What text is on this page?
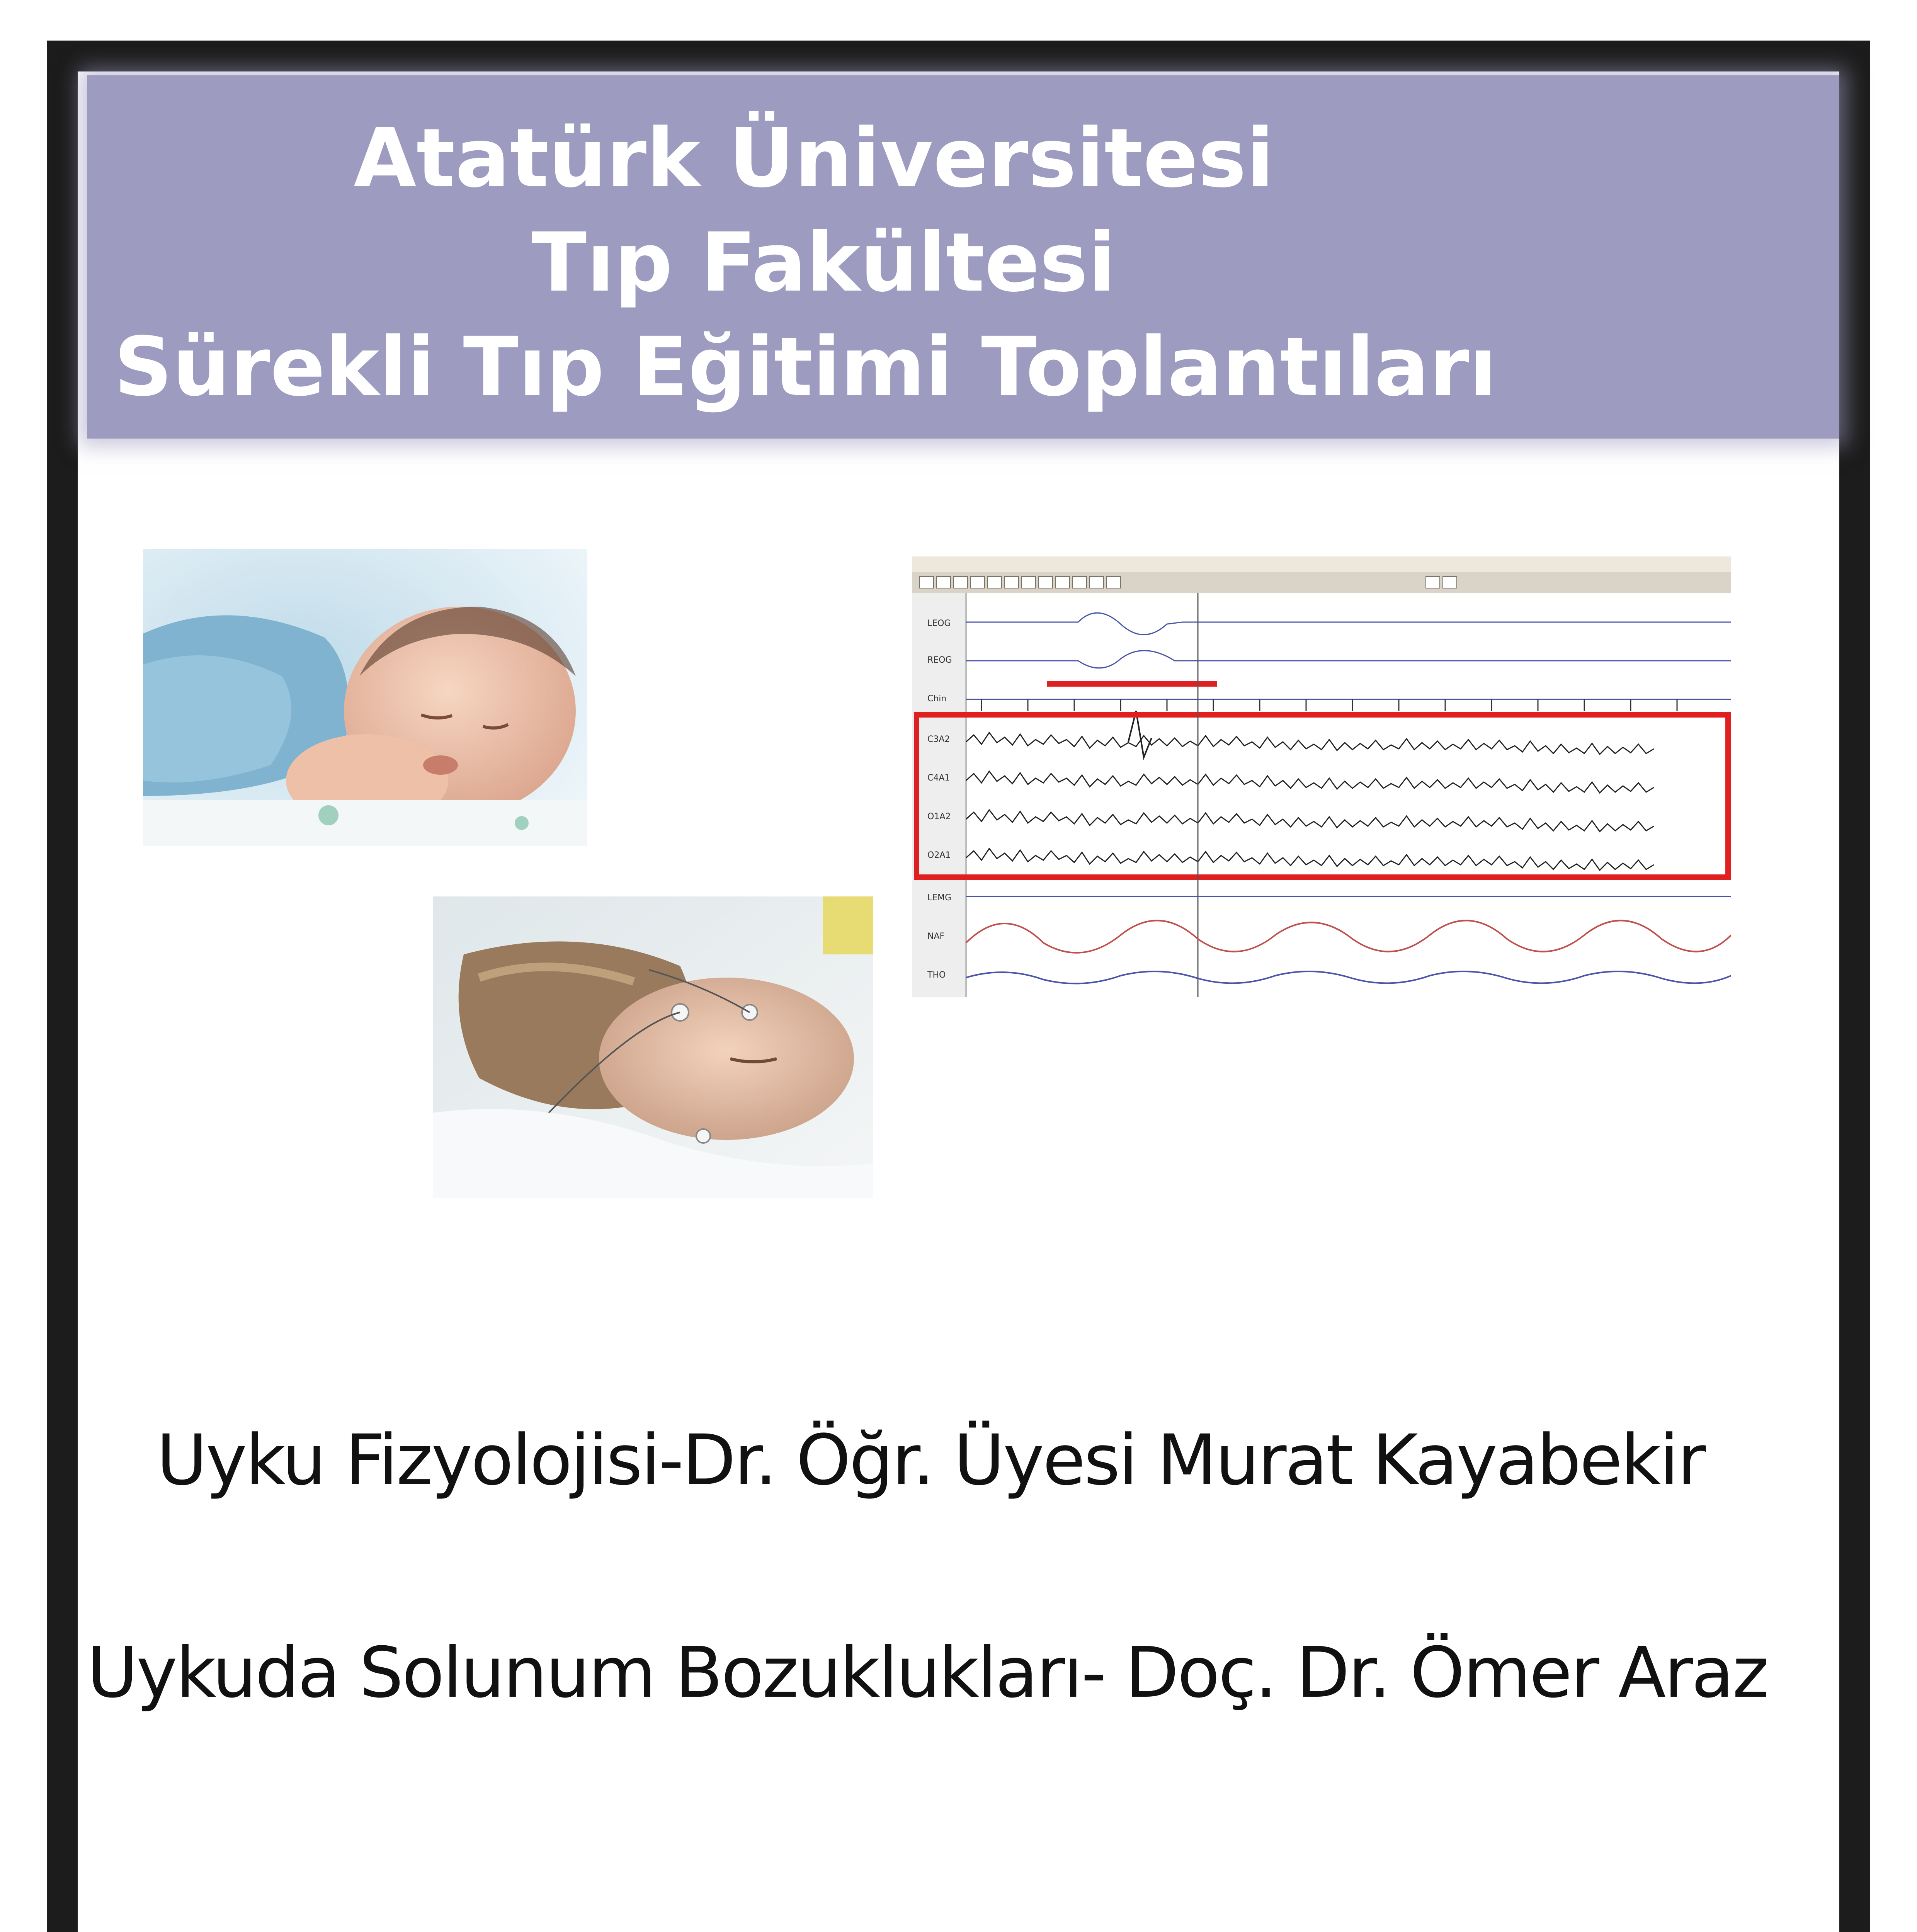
Atatürk Üniversitesi
Tıp Fakültesi
Sürekli Tıp Eğitimi Toplantıları
LEOG
REOG
Chin
C3A2
C4A1
O1A2
O2A1
LEMG
NAF
THO

Uyku Fizyolojisi-Dr. Öğr. Üyesi Murat Kayabekir

Uykuda Solunum Bozuklukları- Doç. Dr. Ömer Araz
